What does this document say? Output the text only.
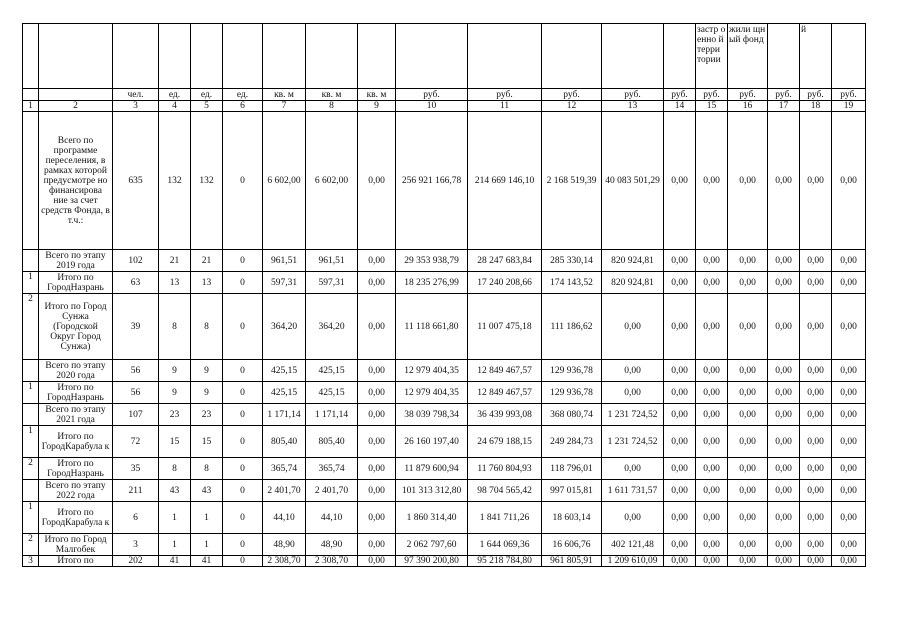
														застр оенно й терри тории	жили щный фонд		й	
		чел.	ед.	ед.	ед.	кв. м	кв. м	кв. м	руб.	руб.	руб.	руб.	руб.	руб.	руб.	руб.	руб.	руб.
1	2	3	4	5	6	7	8	9	10	11	12	13	14	15	16	17	18	19
	Всего по программе переселения, в рамках которой предусмотре но финансирова ние за счет средств Фонда, в т.ч.:	635	132	132	0	6 602,00	6 602,00	0,00	256 921 166,78	214 669 146,10	2 168 519,39	40 083 501,29	0,00	0,00	0,00	0,00	0,00	0,00
	Всего по этапу 2019 года	102	21	21	0	961,51	961,51	0,00	29 353 938,79	28 247 683,84	285 330,14	820 924,81	0,00	0,00	0,00	0,00	0,00	0,00
1	Итого по ГородНазрань	63	13	13	0	597,31	597,31	0,00	18 235 276,99	17 240 208,66	174 143,52	820 924,81	0,00	0,00	0,00	0,00	0,00	0,00
2	Итого по Город Сунжа (Городской Округ Город Сунжа)	39	8	8	0	364,20	364,20	0,00	11 118 661,80	11 007 475,18	111 186,62	0,00	0,00	0,00	0,00	0,00	0,00	0,00
	Всего по этапу 2020 года	56	9	9	0	425,15	425,15	0,00	12 979 404,35	12 849 467,57	129 936,78	0,00	0,00	0,00	0,00	0,00	0,00	0,00
1	Итого по ГородНазрань	56	9	9	0	425,15	425,15	0,00	12 979 404,35	12 849 467,57	129 936,78	0,00	0,00	0,00	0,00	0,00	0,00	0,00
	Всего по этапу 2021 года	107	23	23	0	1 171,14	1 171,14	0,00	38 039 798,34	36 439 993,08	368 080,74	1 231 724,52	0,00	0,00	0,00	0,00	0,00	0,00
1	Итого по ГородКарабула к	72	15	15	0	805,40	805,40	0,00	26 160 197,40	24 679 188,15	249 284,73	1 231 724,52	0,00	0,00	0,00	0,00	0,00	0,00
2	Итого по ГородНазрань	35	8	8	0	365,74	365,74	0,00	11 879 600,94	11 760 804,93	118 796,01	0,00	0,00	0,00	0,00	0,00	0,00	0,00
	Всего по этапу 2022 года	211	43	43	0	2 401,70	2 401,70	0,00	101 313 312,80	98 704 565,42	997 015,81	1 611 731,57	0,00	0,00	0,00	0,00	0,00	0,00
1	Итого по ГородКарабула к	6	1	1	0	44,10	44,10	0,00	1 860 314,40	1 841 711,26	18 603,14	0,00	0,00	0,00	0,00	0,00	0,00	0,00
2	Итого по Город Малгобек	3	1	1	0	48,90	48,90	0,00	2 062 797,60	1 644 069,36	16 606,76	402 121,48	0,00	0,00	0,00	0,00	0,00	0,00
3	Итого по	202	41	41	0	2 308,70	2 308,70	0,00	97 390 200,80	95 218 784,80	961 805,91	1 209 610,09	0,00	0,00	0,00	0,00	0,00	0,00
